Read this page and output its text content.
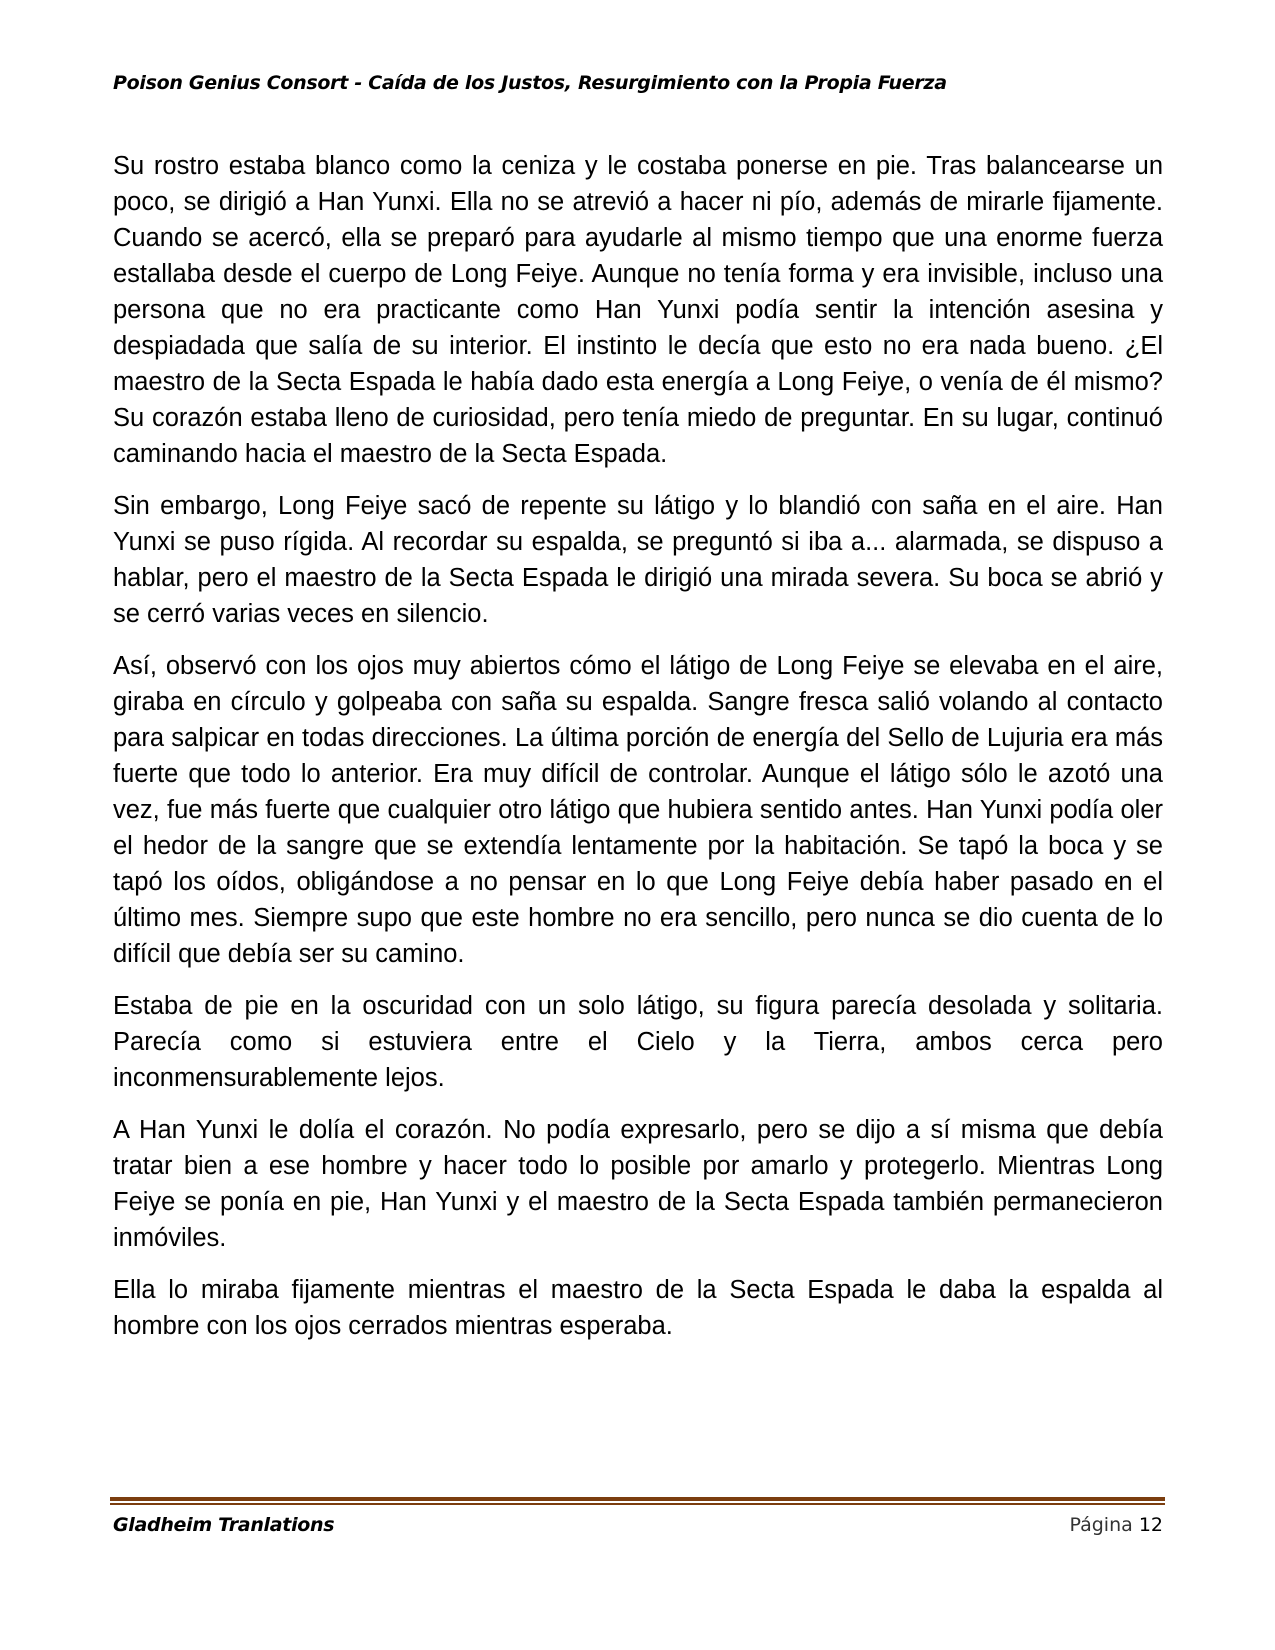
Poison Genius Consort - Caída de los Justos, Resurgimiento con la Propia Fuerza

Su rostro estaba blanco como la ceniza y le costaba ponerse en pie. Tras balancearse un poco, se dirigió a Han Yunxi. Ella no se atrevió a hacer ni pío, además de mirarle fijamente. Cuando se acercó, ella se preparó para ayudarle al mismo tiempo que una enorme fuerza estallaba desde el cuerpo de Long Feiye. Aunque no tenía forma y era invisible, incluso una persona que no era practicante como Han Yunxi podía sentir la intención asesina y despiadada que salía de su interior. El instinto le decía que esto no era nada bueno. ¿El maestro de la Secta Espada le había dado esta energía a Long Feiye, o venía de él mismo? Su corazón estaba lleno de curiosidad, pero tenía miedo de preguntar. En su lugar, continuó caminando hacia el maestro de la Secta Espada.

Sin embargo, Long Feiye sacó de repente su látigo y lo blandió con saña en el aire. Han Yunxi se puso rígida. Al recordar su espalda, se preguntó si iba a... alarmada, se dispuso a hablar, pero el maestro de la Secta Espada le dirigió una mirada severa. Su boca se abrió y se cerró varias veces en silencio.

Así, observó con los ojos muy abiertos cómo el látigo de Long Feiye se elevaba en el aire, giraba en círculo y golpeaba con saña su espalda. Sangre fresca salió volando al contacto para salpicar en todas direcciones. La última porción de energía del Sello de Lujuria era más fuerte que todo lo anterior. Era muy difícil de controlar. Aunque el látigo sólo le azotó una vez, fue más fuerte que cualquier otro látigo que hubiera sentido antes. Han Yunxi podía oler el hedor de la sangre que se extendía lentamente por la habitación. Se tapó la boca y se tapó los oídos, obligándose a no pensar en lo que Long Feiye debía haber pasado en el último mes. Siempre supo que este hombre no era sencillo, pero nunca se dio cuenta de lo difícil que debía ser su camino.

Estaba de pie en la oscuridad con un solo látigo, su figura parecía desolada y solitaria. Parecía como si estuviera entre el Cielo y la Tierra, ambos cerca pero inconmensurablemente lejos.

A Han Yunxi le dolía el corazón. No podía expresarlo, pero se dijo a sí misma que debía tratar bien a ese hombre y hacer todo lo posible por amarlo y protegerlo. Mientras Long Feiye se ponía en pie, Han Yunxi y el maestro de la Secta Espada también permanecieron inmóviles.

Ella lo miraba fijamente mientras el maestro de la Secta Espada le daba la espalda al hombre con los ojos cerrados mientras esperaba.

Gladheim Tranlations	Página 12
